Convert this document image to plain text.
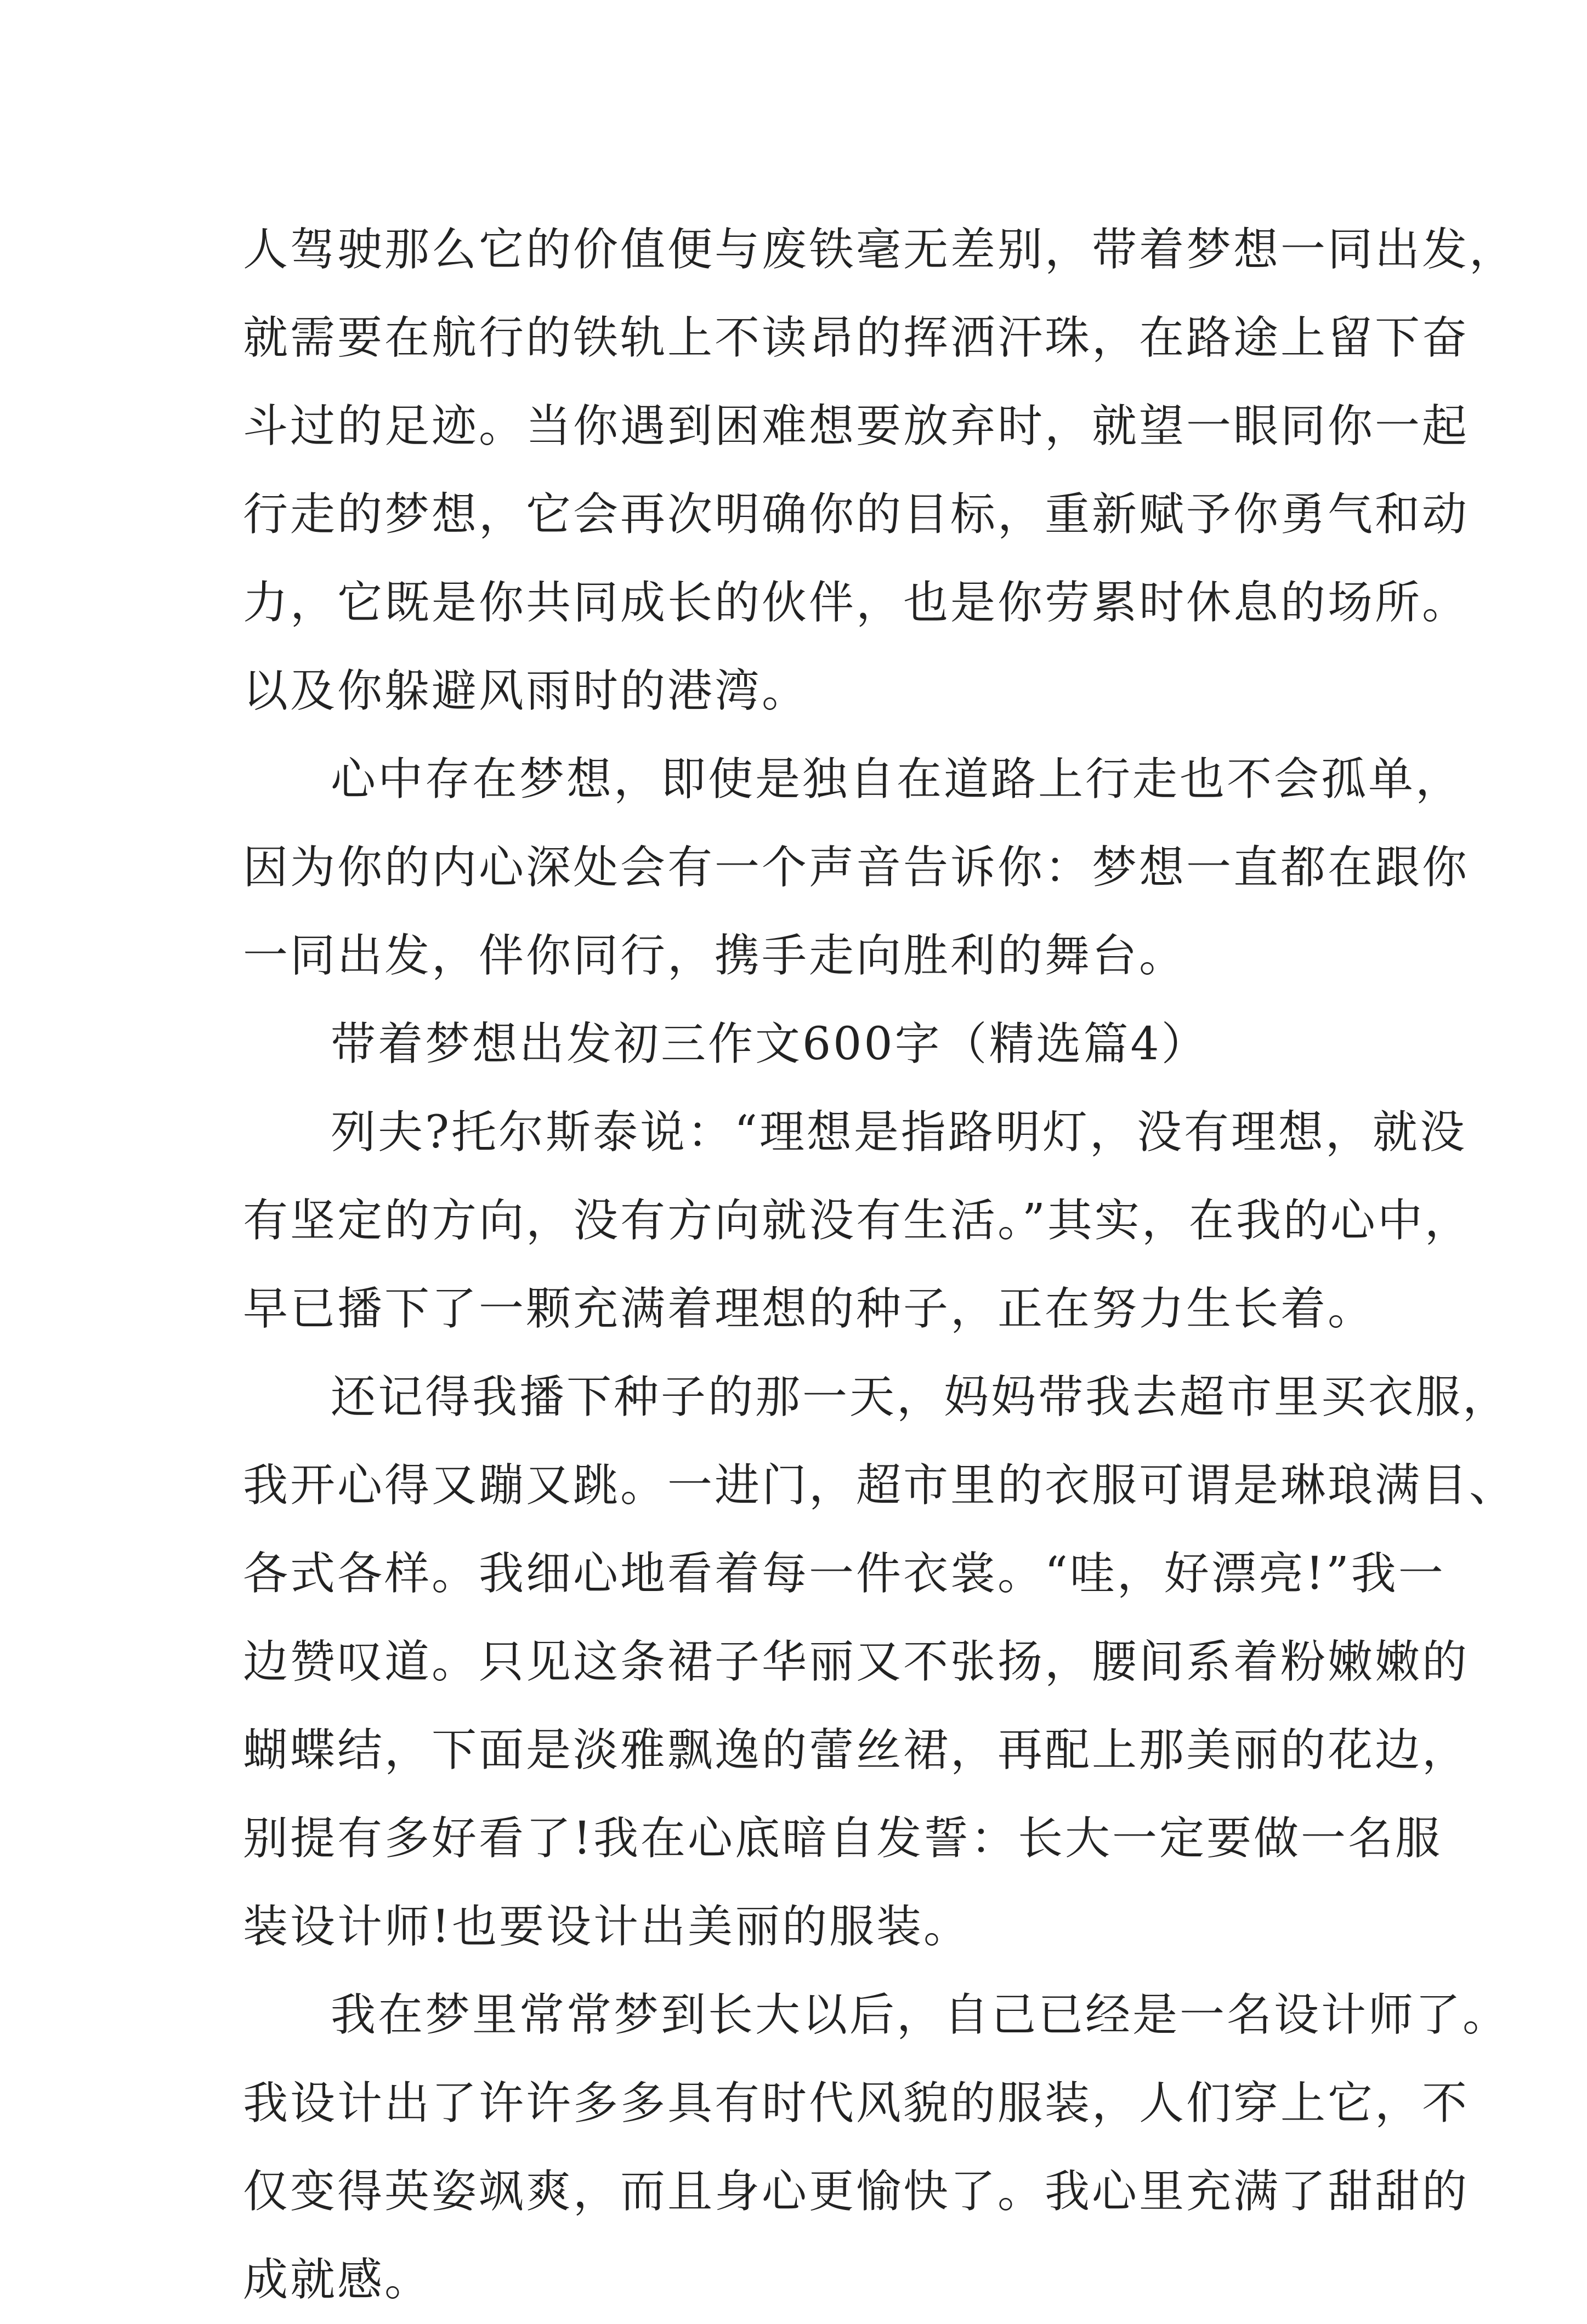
人驾驶那么它的价值便与废铁毫无差别，带着梦想一同出发，
就需要在航行的铁轨上不读昂的挥洒汗珠，在路途上留下奋
斗过的足迹。当你遇到困难想要放弃时，就望一眼同你一起
行走的梦想，它会再次明确你的目标，重新赋予你勇气和动
力，它既是你共同成长的伙伴，也是你劳累时休息的场所。
以及你躲避风雨时的港湾。
心中存在梦想，即使是独自在道路上行走也不会孤单，
因为你的内心深处会有一个声音告诉你：梦想一直都在跟你
一同出发，伴你同行，携手走向胜利的舞台。
带着梦想出发初三作文600字（精选篇4）
列夫?托尔斯泰说：“理想是指路明灯，没有理想，就没
有坚定的方向，没有方向就没有生活。”其实，在我的心中，
早已播下了一颗充满着理想的种子，正在努力生长着。
还记得我播下种子的那一天，妈妈带我去超市里买衣服，
我开心得又蹦又跳。一进门，超市里的衣服可谓是琳琅满目、
各式各样。我细心地看着每一件衣裳。“哇，好漂亮!”我一
边赞叹道。只见这条裙子华丽又不张扬，腰间系着粉嫩嫩的
蝴蝶结，下面是淡雅飘逸的蕾丝裙，再配上那美丽的花边，
别提有多好看了!我在心底暗自发誓：长大一定要做一名服
装设计师!也要设计出美丽的服装。
我在梦里常常梦到长大以后，自己已经是一名设计师了。
我设计出了许许多多具有时代风貌的服装，人们穿上它，不
仅变得英姿飒爽，而且身心更愉快了。我心里充满了甜甜的
成就感。
